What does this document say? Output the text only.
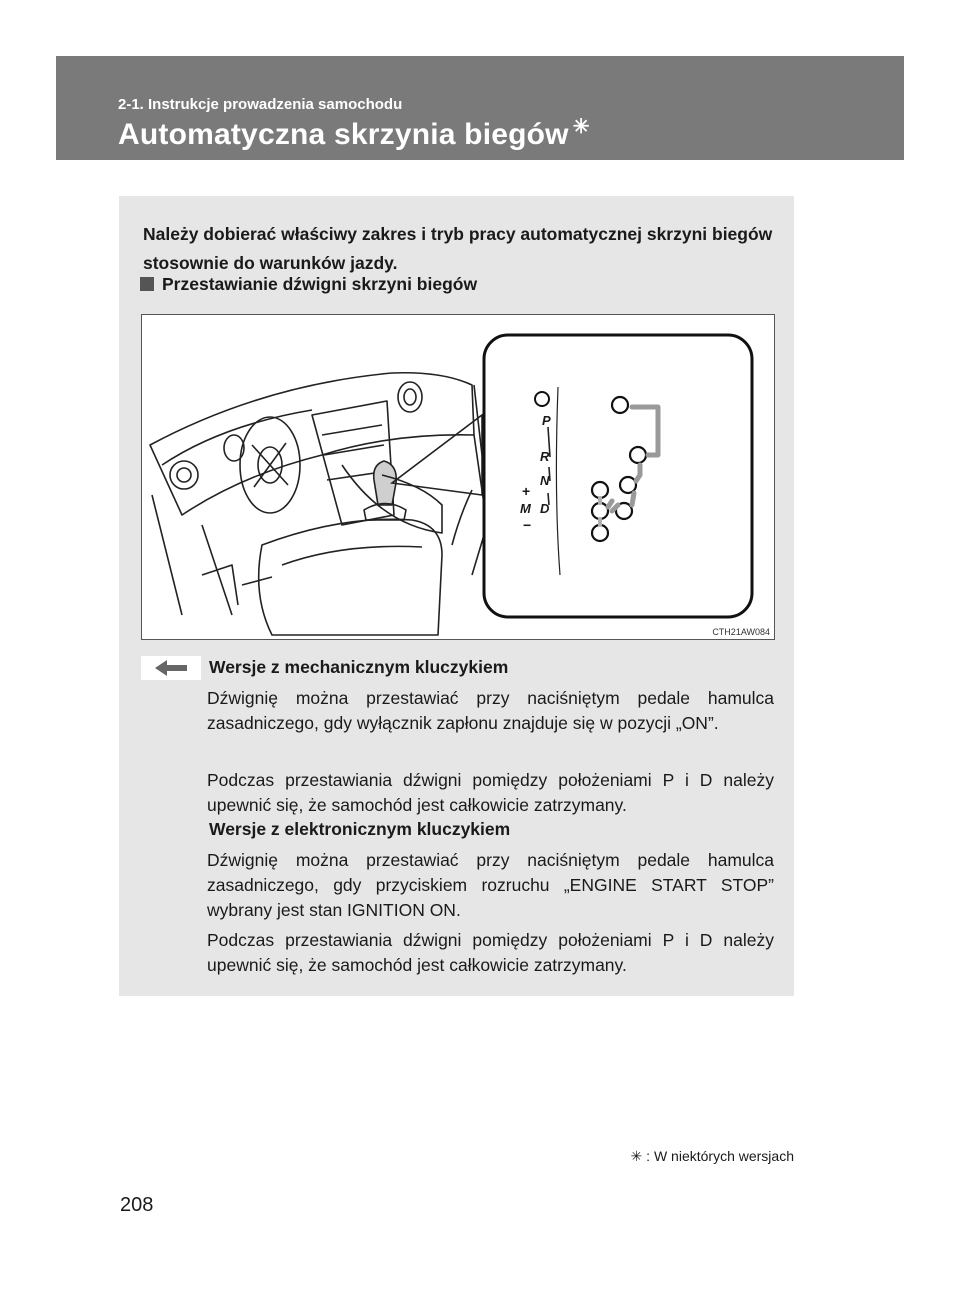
2-1. Instrukcje prowadzenia samochodu
Automatyczna skrzynia biegów ✳
Należy dobierać właściwy zakres i tryb pracy automatycznej skrzyni biegów stosownie do warunków jazdy.
Przestawianie dźwigni skrzyni biegów
P
R
N
D
M
+
−
CTH21AW084
Wersje z mechanicznym kluczykiem
Dźwignię można przestawiać przy naciśniętym pedale hamulca zasadniczego, gdy wyłącznik zapłonu znajduje się w pozycji „ON”.
Podczas przestawiania dźwigni pomiędzy położeniami P i D należy upewnić się, że samochód jest całkowicie zatrzymany.
Wersje z elektronicznym kluczykiem
Dźwignię można przestawiać przy naciśniętym pedale hamulca zasadniczego, gdy przyciskiem rozruchu „ENGINE START STOP” wybrany jest stan IGNITION ON.
Podczas przestawiania dźwigni pomiędzy położeniami P i D należy upewnić się, że samochód jest całkowicie zatrzymany.
✳ : W niektórych wersjach
208
